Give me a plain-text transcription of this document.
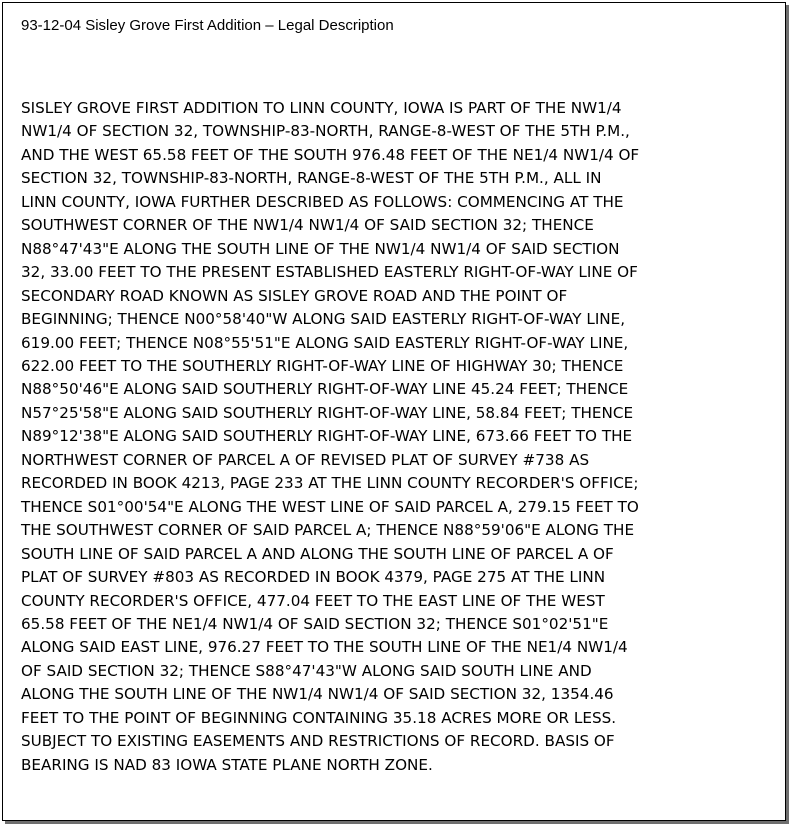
93-12-04 Sisley Grove First Addition – Legal Description
SISLEY GROVE FIRST ADDITION TO LINN COUNTY, IOWA IS PART OF THE NW1/4
NW1/4 OF SECTION 32, TOWNSHIP-83-NORTH, RANGE-8-WEST OF THE 5TH P.M.,
AND THE WEST 65.58 FEET OF THE SOUTH 976.48 FEET OF THE NE1/4 NW1/4 OF
SECTION 32, TOWNSHIP-83-NORTH, RANGE-8-WEST OF THE 5TH P.M., ALL IN
LINN COUNTY, IOWA FURTHER DESCRIBED AS FOLLOWS: COMMENCING AT THE
SOUTHWEST CORNER OF THE NW1/4 NW1/4 OF SAID SECTION 32; THENCE
N88°47'43"E ALONG THE SOUTH LINE OF THE NW1/4 NW1/4 OF SAID SECTION
32, 33.00 FEET TO THE PRESENT ESTABLISHED EASTERLY RIGHT-OF-WAY LINE OF
SECONDARY ROAD KNOWN AS SISLEY GROVE ROAD AND THE POINT OF
BEGINNING; THENCE N00°58'40"W ALONG SAID EASTERLY RIGHT-OF-WAY LINE,
619.00 FEET; THENCE N08°55'51"E ALONG SAID EASTERLY RIGHT-OF-WAY LINE,
622.00 FEET TO THE SOUTHERLY RIGHT-OF-WAY LINE OF HIGHWAY 30; THENCE
N88°50'46"E ALONG SAID SOUTHERLY RIGHT-OF-WAY LINE 45.24 FEET; THENCE
N57°25'58"E ALONG SAID SOUTHERLY RIGHT-OF-WAY LINE, 58.84 FEET; THENCE
N89°12'38"E ALONG SAID SOUTHERLY RIGHT-OF-WAY LINE, 673.66 FEET TO THE
NORTHWEST CORNER OF PARCEL A OF REVISED PLAT OF SURVEY #738 AS
RECORDED IN BOOK 4213, PAGE 233 AT THE LINN COUNTY RECORDER'S OFFICE;
THENCE S01°00'54"E ALONG THE WEST LINE OF SAID PARCEL A, 279.15 FEET TO
THE SOUTHWEST CORNER OF SAID PARCEL A; THENCE N88°59'06"E ALONG THE
SOUTH LINE OF SAID PARCEL A AND ALONG THE SOUTH LINE OF PARCEL A OF
PLAT OF SURVEY #803 AS RECORDED IN BOOK 4379, PAGE 275 AT THE LINN
COUNTY RECORDER'S OFFICE, 477.04 FEET TO THE EAST LINE OF THE WEST
65.58 FEET OF THE NE1/4 NW1/4 OF SAID SECTION 32; THENCE S01°02'51"E
ALONG SAID EAST LINE, 976.27 FEET TO THE SOUTH LINE OF THE NE1/4 NW1/4
OF SAID SECTION 32; THENCE S88°47'43"W ALONG SAID SOUTH LINE AND
ALONG THE SOUTH LINE OF THE NW1/4 NW1/4 OF SAID SECTION 32, 1354.46
FEET TO THE POINT OF BEGINNING CONTAINING 35.18 ACRES MORE OR LESS.
SUBJECT TO EXISTING EASEMENTS AND RESTRICTIONS OF RECORD. BASIS OF
BEARING IS NAD 83 IOWA STATE PLANE NORTH ZONE.
